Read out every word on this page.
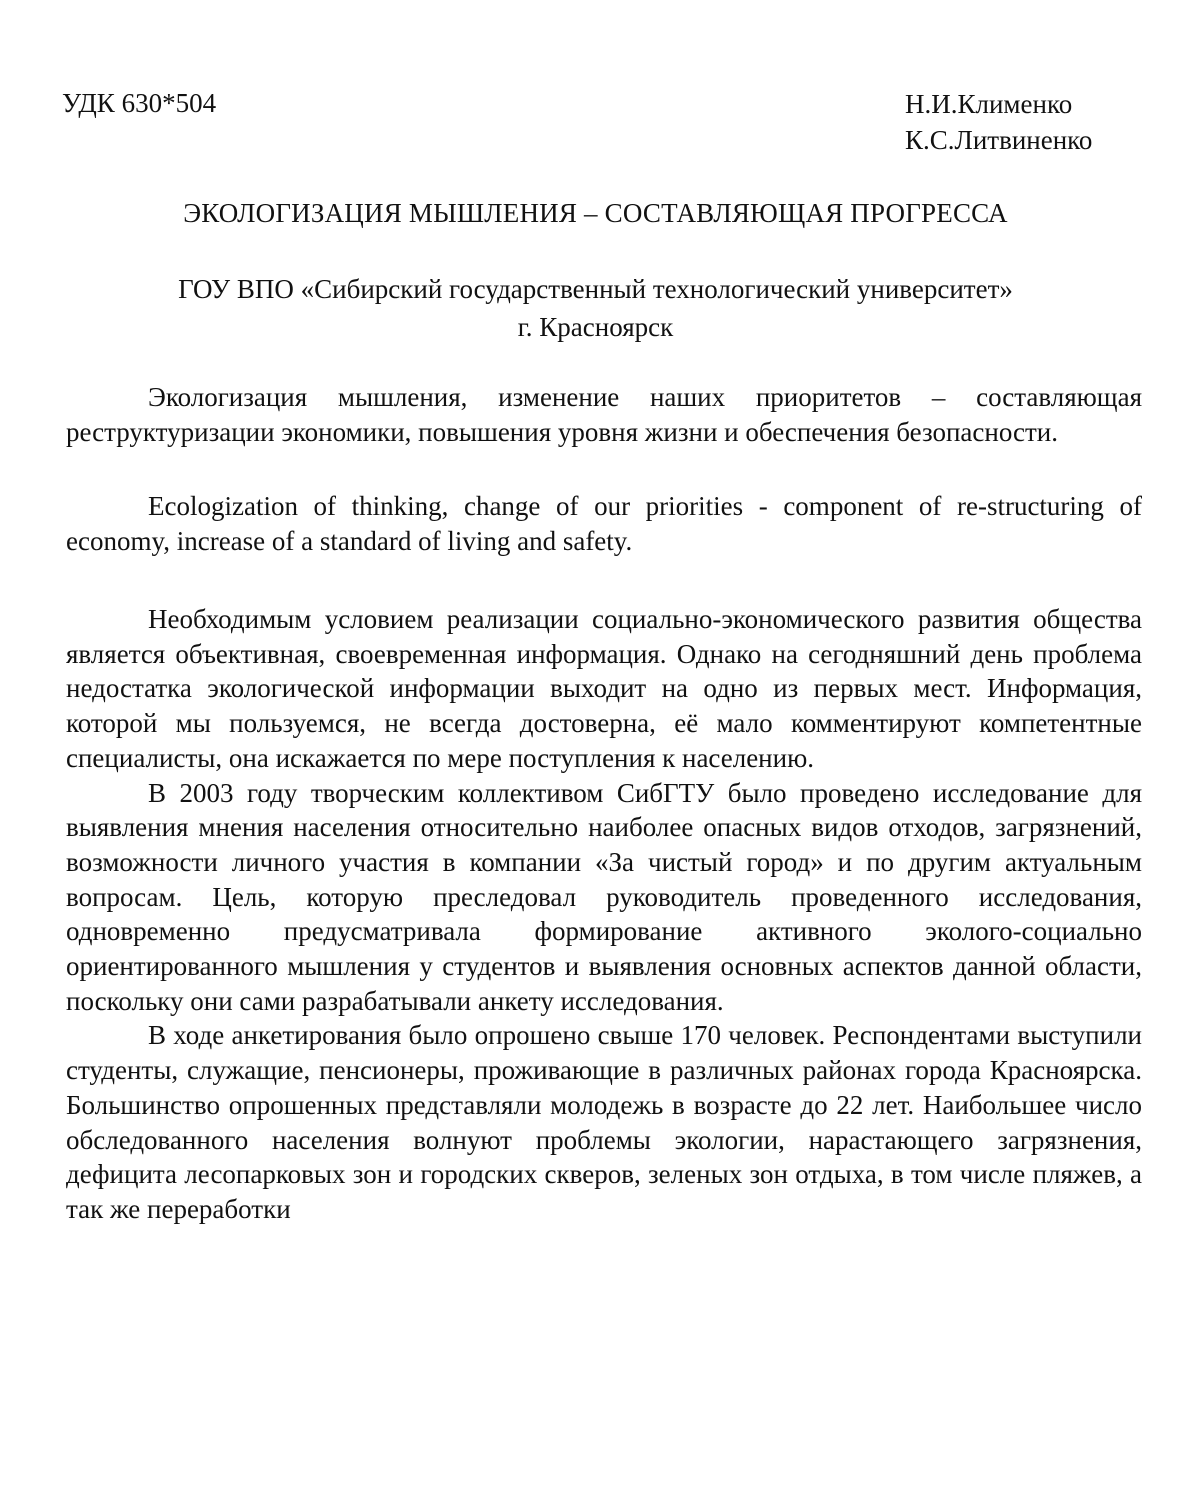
УДК 630*504	Н.И.Клименко
К.С.Литвиненко
ЭКОЛОГИЗАЦИЯ МЫШЛЕНИЯ – СОСТАВЛЯЮЩАЯ ПРОГРЕССА
ГОУ ВПО «Сибирский государственный технологический университет»
г. Красноярск

Экологизация мышления, изменение наших приоритетов – составляющая реструктуризации экономики, повышения уровня жизни и обеспечения безопасности.

Ecologization of thinking, change of our priorities - component of re-structuring of economy, increase of a standard of living and safety.

Необходимым условием реализации социально-экономического развития общества является объективная, своевременная информация. Однако на сегодняшний день проблема недостатка экологической информации выходит на одно из первых мест. Информация, которой мы пользуемся, не всегда достоверна, её мало комментируют компетентные специалисты, она искажается по мере поступления к населению.

В 2003 году творческим коллективом СибГТУ было проведено исследование для выявления мнения населения относительно наиболее опасных видов отходов, загрязнений, возможности личного участия в компании «За чистый город» и по другим актуальным вопросам. Цель, которую преследовал руководитель проведенного исследования, одновременно предусматривала формирование активного эколого-социально ориентированного мышления у студентов и выявления основных аспектов данной области, поскольку они сами разрабатывали анкету исследования.

В ходе анкетирования было опрошено свыше 170 человек. Респондентами выступили студенты, служащие, пенсионеры, проживающие в различных районах города Красноярска. Большинство опрошенных представляли молодежь в возрасте до 22 лет. Наибольшее число обследованного населения волнуют проблемы экологии, нарастающего загрязнения, дефицита лесопарковых зон и городских скверов, зеленых зон отдыха, в том числе пляжев, а так же переработки
